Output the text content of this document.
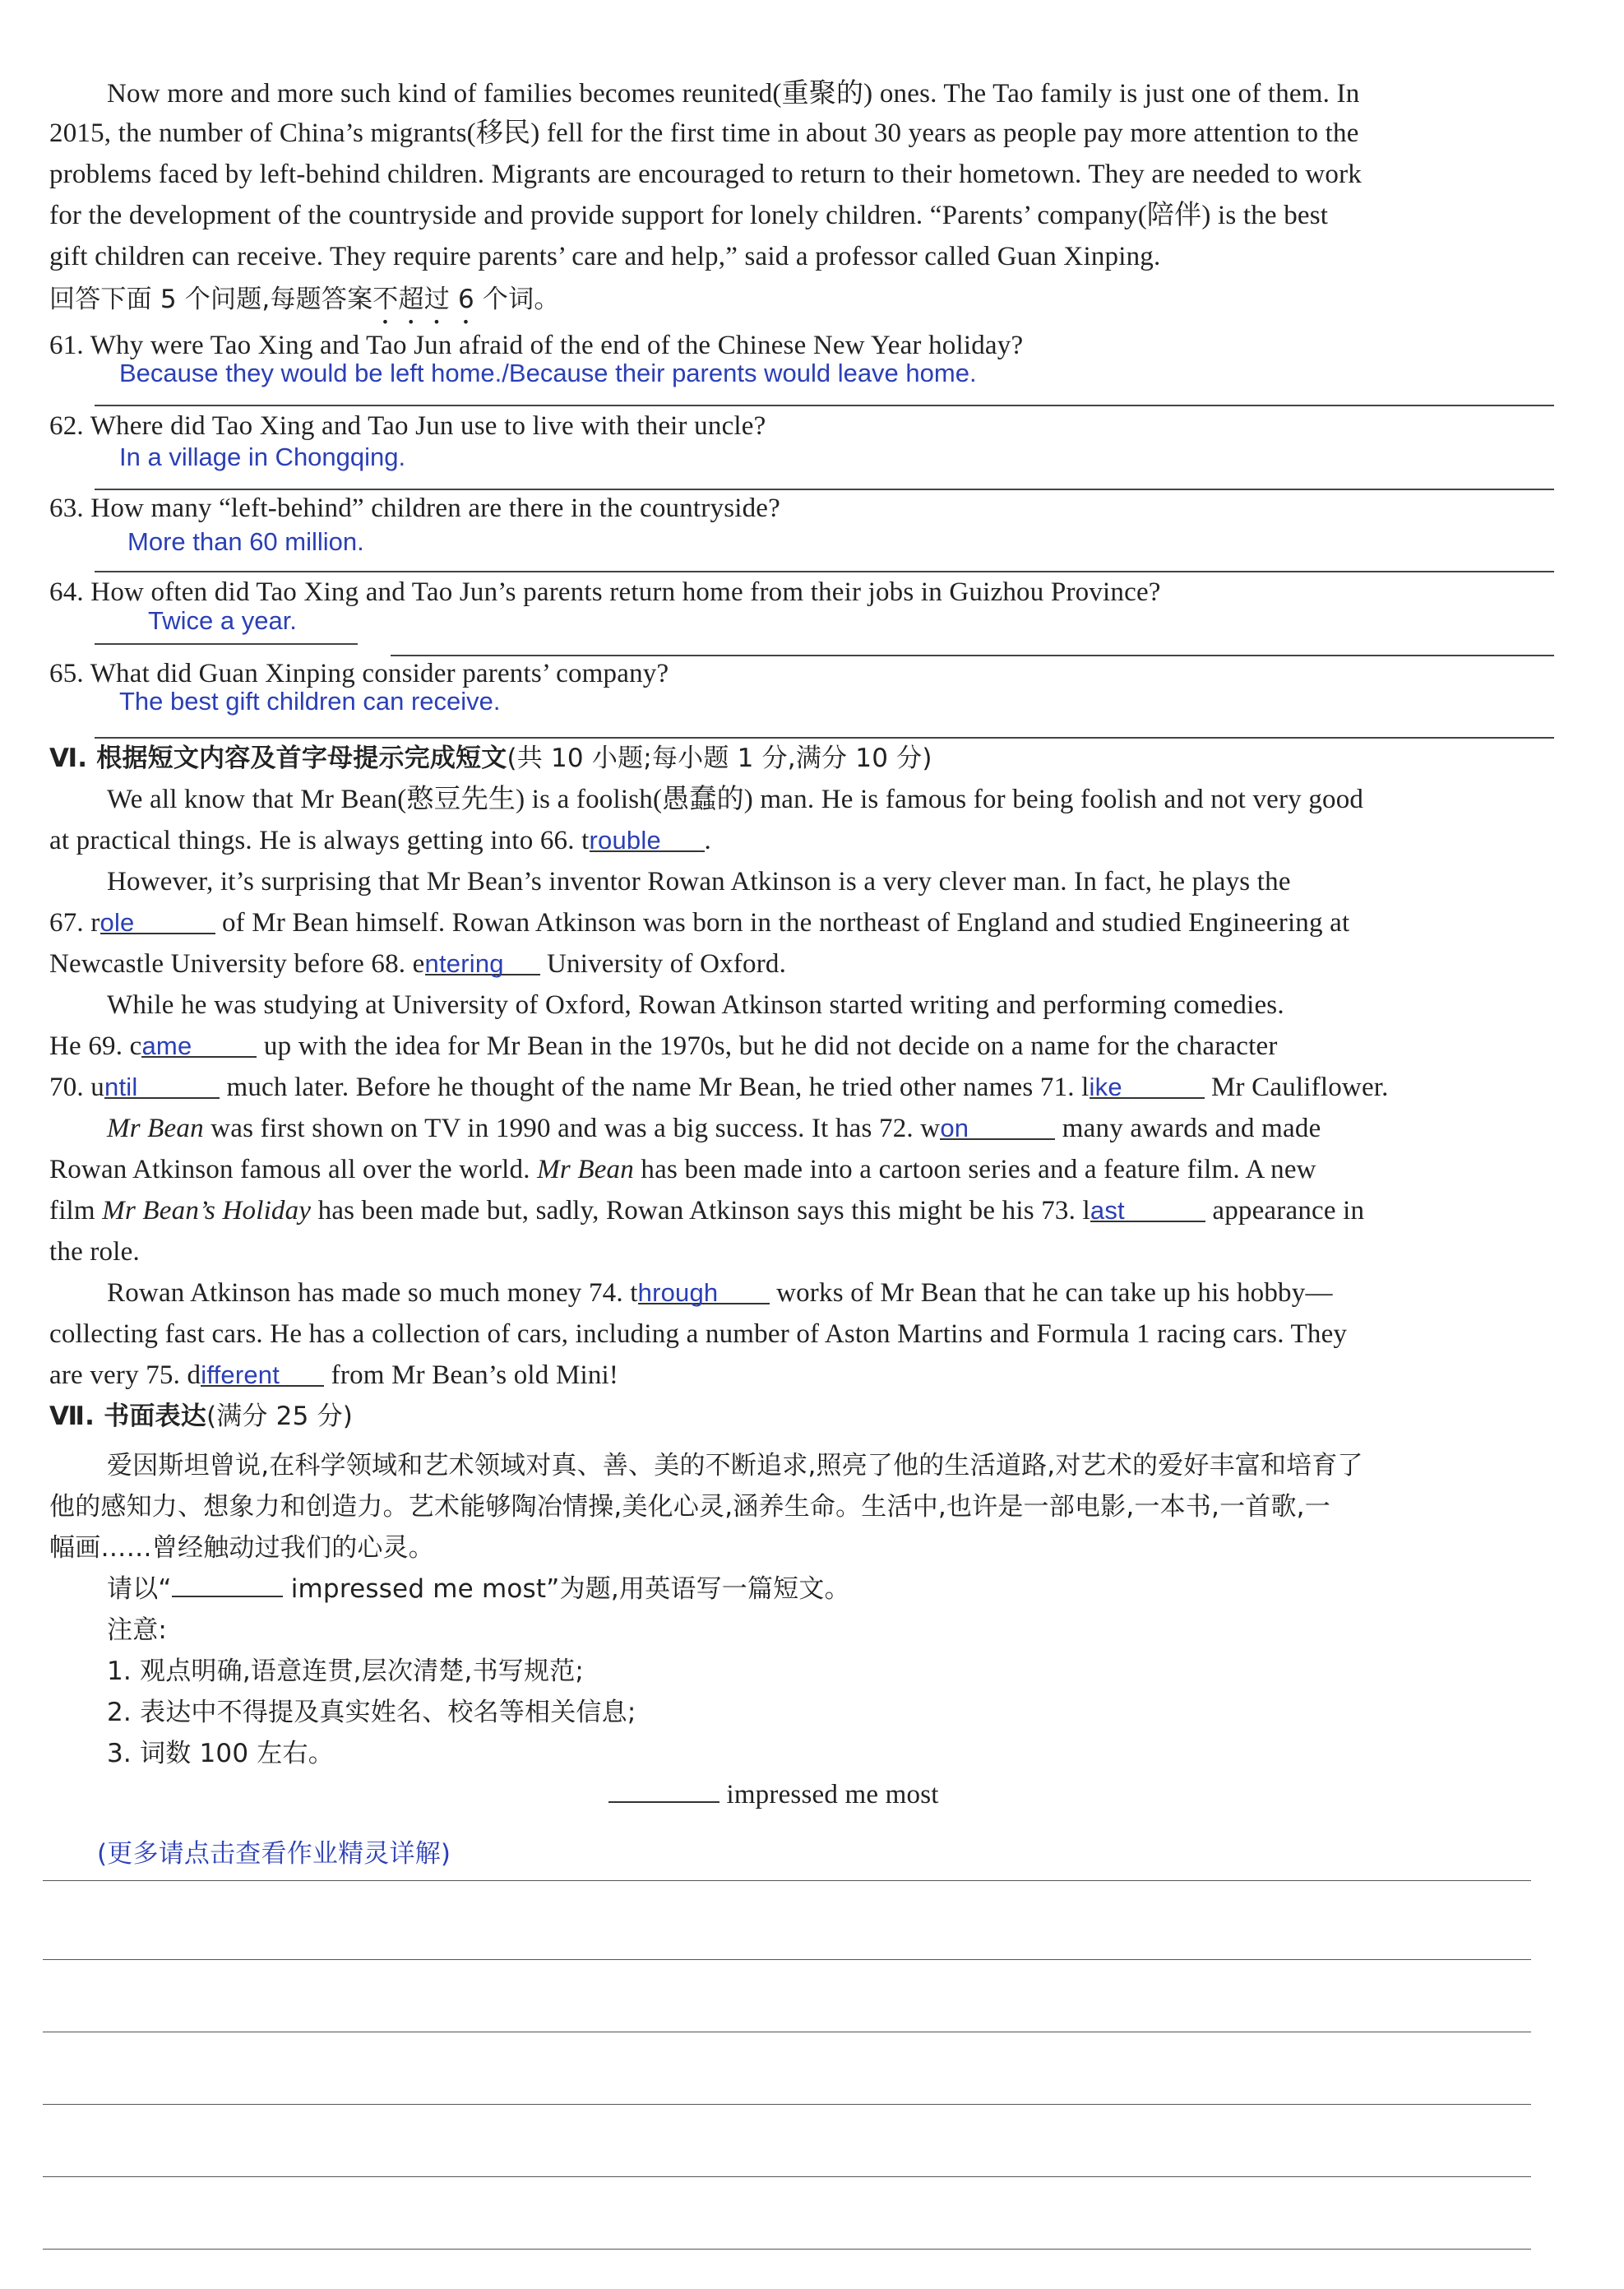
Now more and more such kind of families becomes reunited(重聚的) ones. The Tao family is just one of them. In
2015, the number of China’s migrants(移民) fell for the first time in about 30 years as people pay more attention to the
problems faced by left-behind children. Migrants are encouraged to return to their hometown. They are needed to work
for the development of the countryside and provide support for lonely children. “Parents’ company(陪伴) is the best
gift children can receive. They require parents’ care and help,” said a professor called Guan Xinping.
回答下面 5 个问题,每题答案不超过 6 个词。
61. Why were Tao Xing and Tao Jun afraid of the end of the Chinese New Year holiday?
Because they would be left home./Because their parents would leave home.
62. Where did Tao Xing and Tao Jun use to live with their uncle?
In a village in Chongqing.
63. How many “left-behind” children are there in the countryside?
More than 60 million.
64. How often did Tao Xing and Tao Jun’s parents return home from their jobs in Guizhou Province?
Twice a year.
65. What did Guan Xinping consider parents’ company?
The best gift children can receive.
Ⅵ. 根据短文内容及首字母提示完成短文(共 10 小题;每小题 1 分,满分 10 分)
We all know that Mr Bean(憨豆先生) is a foolish(愚蠢的) man. He is famous for being foolish and not very good
at practical things. He is always getting into 66. trouble .
However, it’s surprising that Mr Bean’s inventor Rowan Atkinson is a very clever man. In fact, he plays the
67. role	of Mr Bean himself. Rowan Atkinson was born in the northeast of England and studied Engineering at
Newcastle University before 68. entering University of Oxford.
While he was studying at University of Oxford, Rowan Atkinson started writing and performing comedies.
He 69. came up with the idea for Mr Bean in the 1970s, but he did not decide on a name for the character
70. until	much later. Before he thought of the name Mr Bean, he tried other names 71. like	Mr Cauliflower.
Mr Bean was first shown on TV in 1990 and was a big success. It has 72. won	many awards and made
Rowan Atkinson famous all over the world. Mr Bean has been made into a cartoon series and a feature film. A new
film Mr Bean’s Holiday has been made but, sadly, Rowan Atkinson says this might be his 73. last	appearance in
the role.
Rowan Atkinson has made so much money 74. through works of Mr Bean that he can take up his hobby—
collecting fast cars. He has a collection of cars, including a number of Aston Martins and Formula 1 racing cars. They
are very 75. different from Mr Bean’s old Mini!
Ⅶ. 书面表达(满分 25 分)
爱因斯坦曾说,在科学领域和艺术领域对真、善、美的不断追求,照亮了他的生活道路,对艺术的爱好丰富和培育了
他的感知力、想象力和创造力。艺术能够陶冶情操,美化心灵,涵养生命。生活中,也许是一部电影,一本书,一首歌,一
幅画……曾经触动过我们的心灵。
请以“	impressed me most”为题,用英语写一篇短文。
注意:
1. 观点明确,语意连贯,层次清楚,书写规范;
2. 表达中不得提及真实姓名、校名等相关信息;
3. 词数 100 左右。
impressed me most
(更多请点击查看作业精灵详解)
